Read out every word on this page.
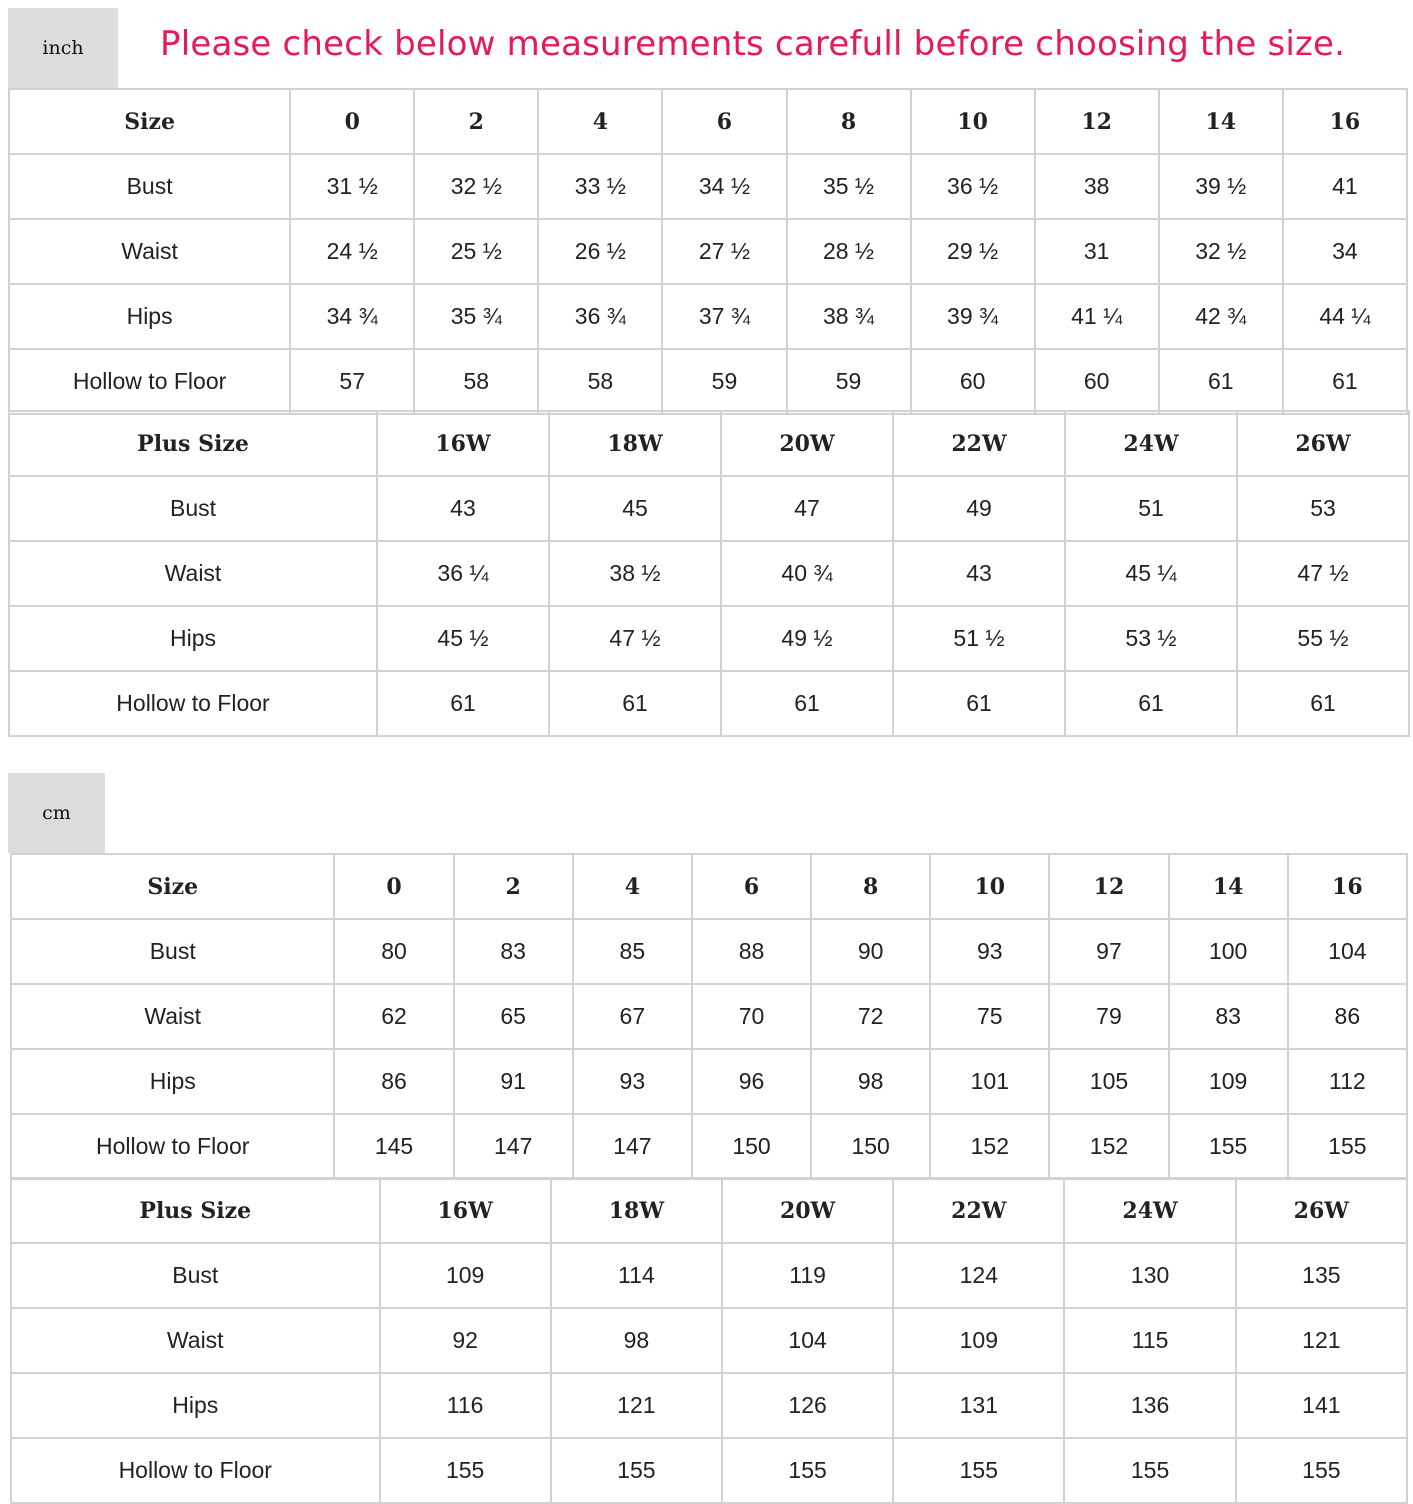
inch	Please check below measurements carefull before choosing the size.
Size	0	2	4	6	8	10	12	14	16
Bust	31 ½	32 ½	33 ½	34 ½	35 ½	36 ½	38	39 ½	41
Waist	24 ½	25 ½	26 ½	27 ½	28 ½	29 ½	31	32 ½	34
Hips	34 ¾	35 ¾	36 ¾	37 ¾	38 ¾	39 ¾	41 ¼	42 ¾	44 ¼
Hollow to Floor	57	58	58	59	59	60	60	61	61
Plus Size	16W	18W	20W	22W	24W	26W
Bust	43	45	47	49	51	53
Waist	36 ¼	38 ½	40 ¾	43	45 ¼	47 ½
Hips	45 ½	47 ½	49 ½	51 ½	53 ½	55 ½
Hollow to Floor	61	61	61	61	61	61
cm
Size	0	2	4	6	8	10	12	14	16
Bust	80	83	85	88	90	93	97	100	104
Waist	62	65	67	70	72	75	79	83	86
Hips	86	91	93	96	98	101	105	109	112
Hollow to Floor	145	147	147	150	150	152	152	155	155
Plus Size	16W	18W	20W	22W	24W	26W
Bust	109	114	119	124	130	135
Waist	92	98	104	109	115	121
Hips	116	121	126	131	136	141
Hollow to Floor	155	155	155	155	155	155
